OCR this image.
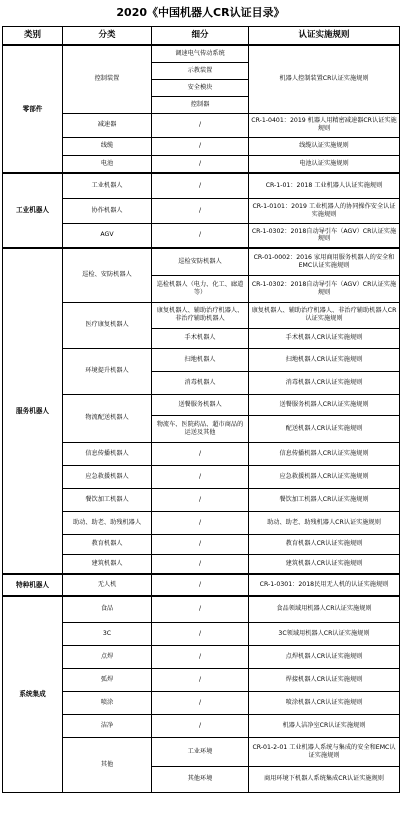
2020《中国机器人CR认证目录》
类别	分类	细分	认证实施规则
零部件	控制装置	调速电气传动系统	机器人控制装置CR认证实施规则
		示教装置	
		安全模块	
		控制器	
	减速器	/	CR-1-0401：2019 机器人用精密减速器CR认证实施规则
	线缆	/	线缆认证实施规则
	电池	/	电池认证实施规则
工业机器人	工业机器人	/	CR-1-01：2018 工业机器人认证实施规则
	协作机器人	/	CR-1-0101：2019 工业机器人的协同操作安全认证实施规则
	AGV	/	CR-1-0302：2018自动导引车（AGV）CR认证实施规则
服务机器人	巡检、安防机器人	巡检安防机器人	CR-01-0002：2016 家用商用服务机器人的安全和EMC认证实施规则
		巡检机器人（电力、化工、廊道等）	CR-1-0302：2018自动导引车（AGV）CR认证实施规则
	医疗康复机器人	康复机器人、辅助治疗机器人、非治疗辅助机器人	康复机器人、辅助治疗机器人、非治疗辅助机器人CR认证实施规则
		手术机器人	手术机器人CR认证实施规则
	环境提升机器人	扫地机器人	扫地机器人CR认证实施规则
		消毒机器人	消毒机器人CR认证实施规则
	物流配送机器人	送餐服务机器人	送餐服务机器人CR认证实施规则
		物流车、医院药品、超市商品的运送及其他	配送机器人CR认证实施规则
	信息传播机器人	/	信息传播机器人CR认证实施规则
	应急救援机器人	/	应急救援机器人CR认证实施规则
	餐饮加工机器人	/	餐饮加工机器人CR认证实施规则
	助动、助老、助残机器人	/	助动、助老、助残机器人CR认证实施规则
	教育机器人	/	教育机器人CR认证实施规则
	建筑机器人	/	建筑机器人CR认证实施规则
特种机器人	无人机	/	CR-1-0301：2018民用无人机的认证实施规则
系统集成	食品	/	食品领域用机器人CR认证实施规则
	3C	/	3C领域用机器人CR认证实施规则
	点焊	/	点焊机器人CR认证实施规则
	弧焊	/	焊接机器人CR认证实施规则
	喷涂	/	喷涂机器人CR认证实施规则
	洁净	/	机器人洁净室CR认证实施规则
	其他	工业环境	CR-01-2-01 工业机器人系统与集成的安全和EMC认证实施规则
		其他环境	商用环境下机器人系统集成CR认证实施规则
